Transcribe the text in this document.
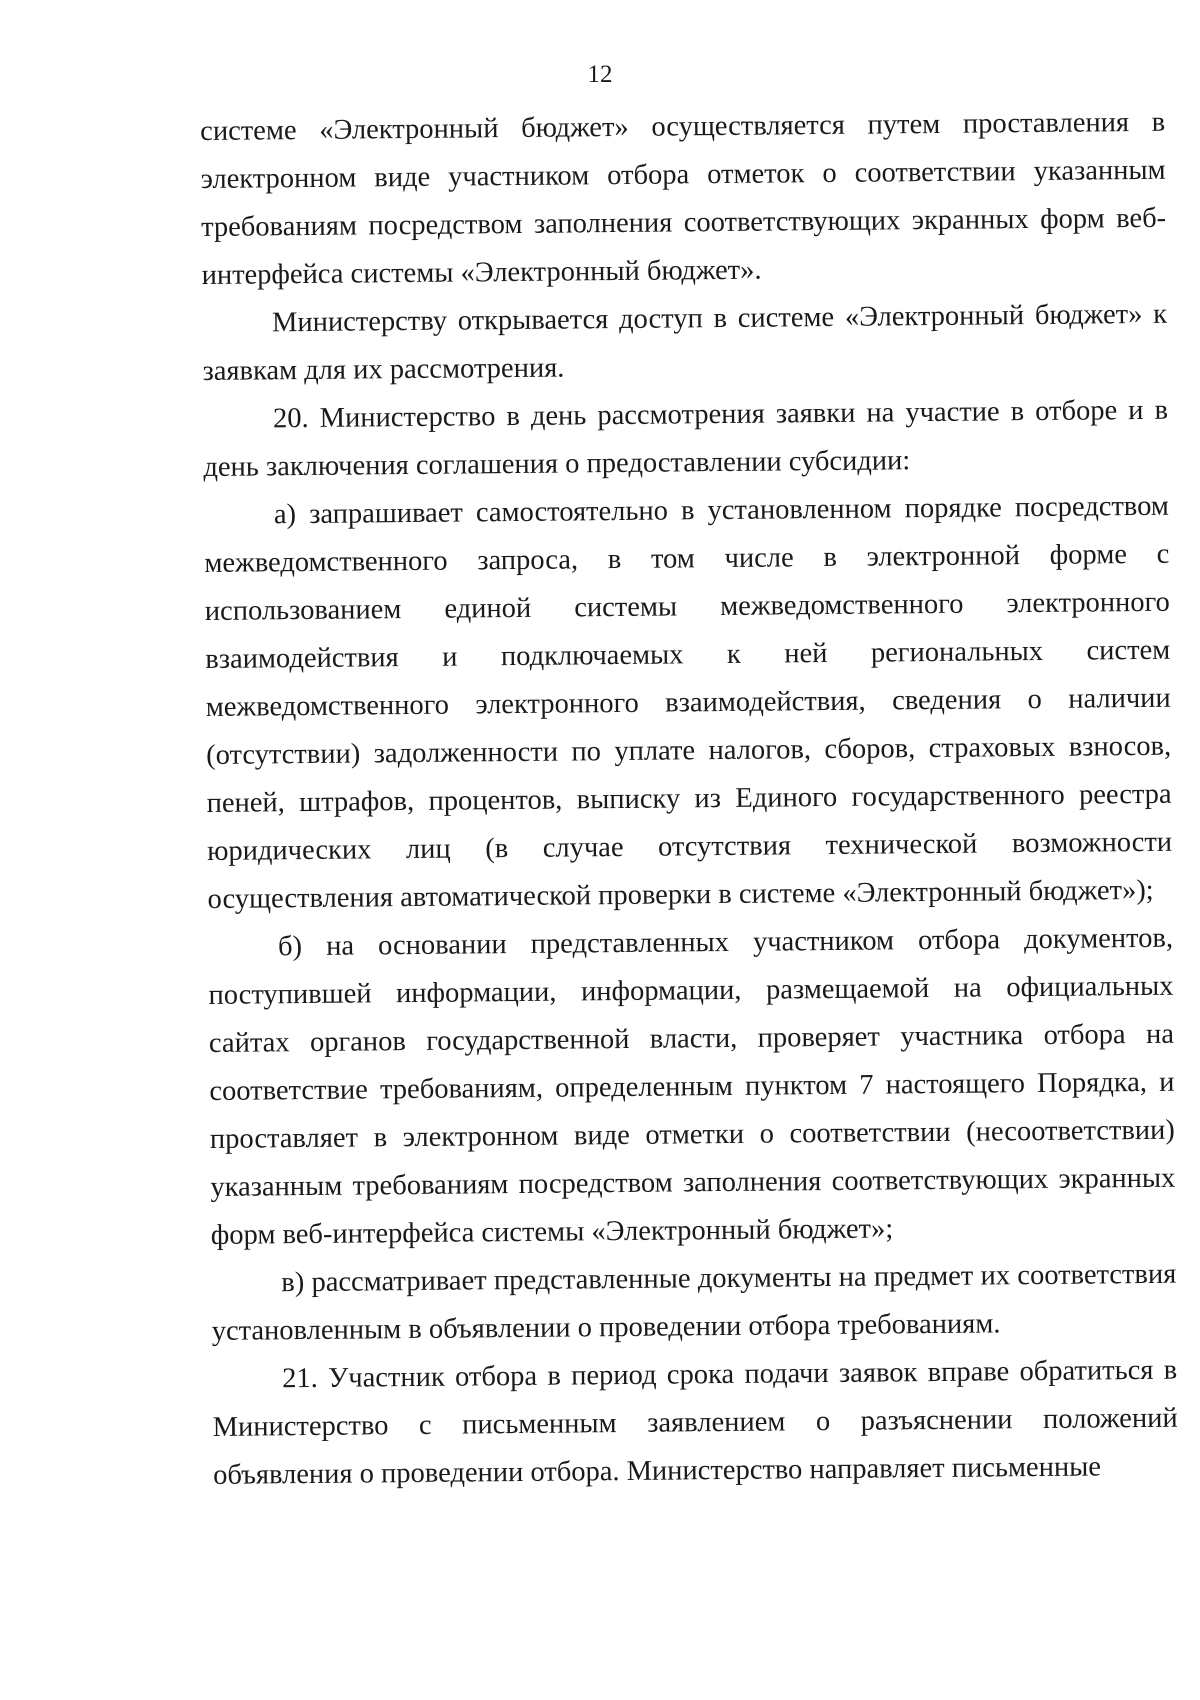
12

системе «Электронный бюджет» осуществляется путем проставления в электронном виде участником отбора отметок о соответствии указанным требованиям посредством заполнения соответствующих экранных форм веб-интерфейса системы «Электронный бюджет».

Министерству открывается доступ в системе «Электронный бюджет» к заявкам для их рассмотрения.

20. Министерство в день рассмотрения заявки на участие в отборе и в день заключения соглашения о предоставлении субсидии:

а) запрашивает самостоятельно в установленном порядке посредством межведомственного запроса, в том числе в электронной форме с использованием единой системы межведомственного электронного взаимодействия и подключаемых к ней региональных систем межведомственного электронного взаимодействия, сведения о наличии (отсутствии) задолженности по уплате налогов, сборов, страховых взносов, пеней, штрафов, процентов, выписку из Единого государственного реестра юридических лиц (в случае отсутствия технической возможности осуществления автоматической проверки в системе «Электронный бюджет»);

б) на основании представленных участником отбора документов, поступившей информации, информации, размещаемой на официальных сайтах органов государственной власти, проверяет участника отбора на соответствие требованиям, определенным пунктом 7 настоящего Порядка, и проставляет в электронном виде отметки о соответствии (несоответствии) указанным требованиям посредством заполнения соответствующих экранных форм веб-интерфейса системы «Электронный бюджет»;

в) рассматривает представленные документы на предмет их соответствия установленным в объявлении о проведении отбора требованиям.

21. Участник отбора в период срока подачи заявок вправе обратиться в Министерство с письменным заявлением о разъяснении положений объявления о проведении отбора. Министерство направляет письменные
